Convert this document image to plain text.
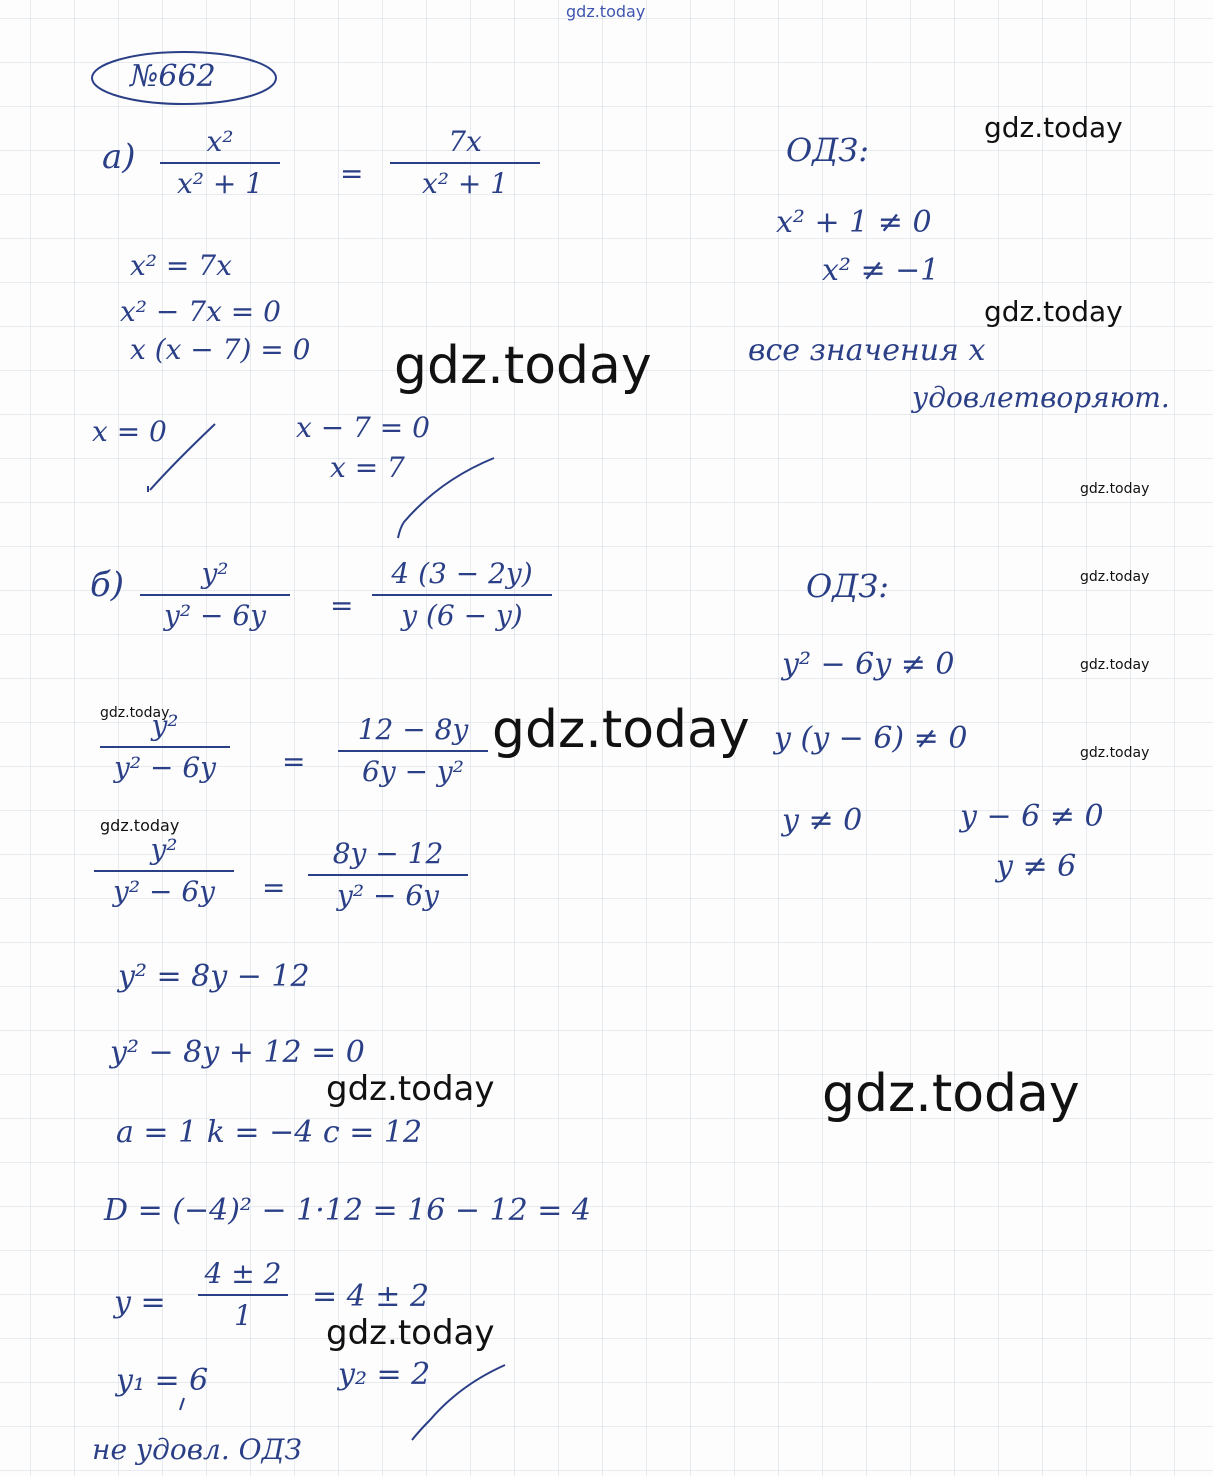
gdz.today
№662
а)	x²
x² + 1	=
7x
x² + 1
x² = 7x
x² − 7x = 0
x (x − 7) = 0
x = 0	x − 7 = 0
x = 7
ОДЗ:
x² + 1 ≠ 0
x² ≠ −1
все значения x
удовлетворяют.
б)	y²
y² − 6y =
4 (3 − 2y)
y (6 − y)
y²
y² − 6y =
12 − 8y
6y − y²
y²
y² − 6y =
8y − 12
y² − 6y
y² = 8y − 12
y² − 8y + 12 = 0
a = 1 k = −4 c = 12
D = (−4)² − 1·12 = 16 − 12 = 4
y =
4 ± 2
1
= 4 ± 2
y₁ = 6	y₂ = 2
не удовл. ОДЗ
ОДЗ:
y² − 6y ≠ 0
y (y − 6) ≠ 0
y ≠ 0	y − 6 ≠ 0
y ≠ 6
gdz.today
gdz.today
gdz.today
gdz.today
gdz.today
gdz.today
gdz.today
gdz.today
gdz.today
gdz.today
gdz.today
gdz.today
gdz.today
